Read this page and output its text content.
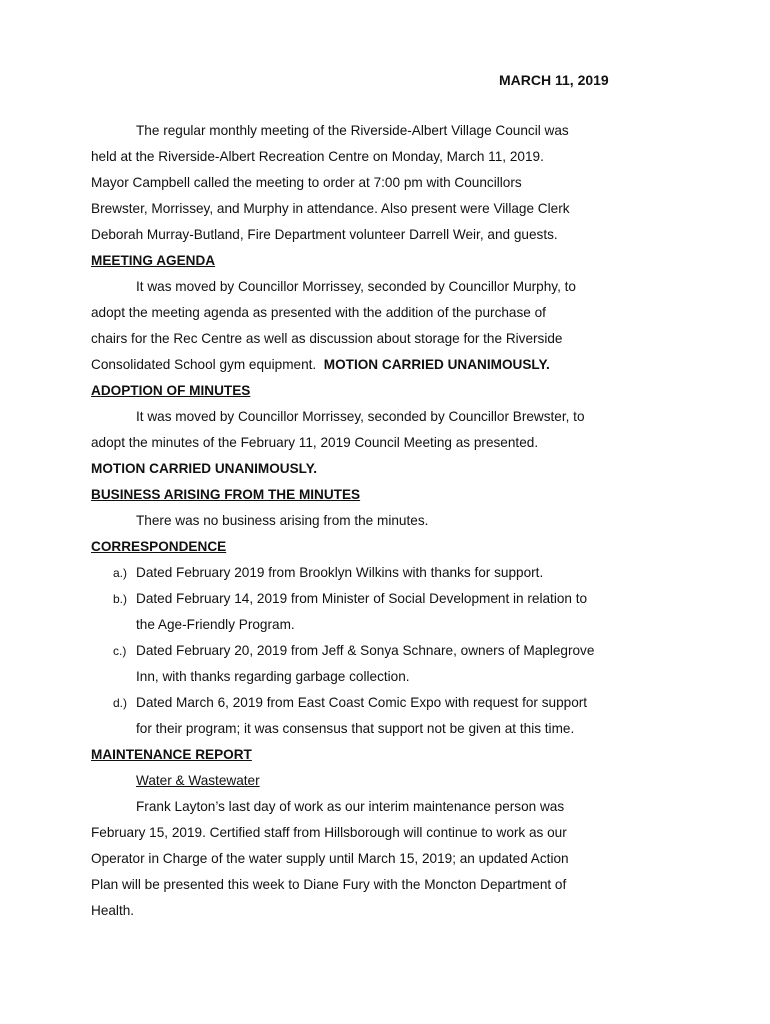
MARCH 11, 2019

The regular monthly meeting of the Riverside-Albert Village Council was

held at the Riverside-Albert Recreation Centre on Monday, March 11, 2019.

Mayor Campbell called the meeting to order at 7:00 pm with Councillors

Brewster, Morrissey, and Murphy in attendance. Also present were Village Clerk

Deborah Murray-Butland, Fire Department volunteer Darrell Weir, and guests.

MEETING AGENDA

It was moved by Councillor Morrissey, seconded by Councillor Murphy, to

adopt the meeting agenda as presented with the addition of the purchase of

chairs for the Rec Centre as well as discussion about storage for the Riverside

Consolidated School gym equipment.  MOTION CARRIED UNANIMOUSLY.

ADOPTION OF MINUTES

It was moved by Councillor Morrissey, seconded by Councillor Brewster, to

adopt the minutes of the February 11, 2019 Council Meeting as presented.

MOTION CARRIED UNANIMOUSLY.

BUSINESS ARISING FROM THE MINUTES

There was no business arising from the minutes.

CORRESPONDENCE

a.) Dated February 2019 from Brooklyn Wilkins with thanks for support.

b.) Dated February 14, 2019 from Minister of Social Development in relation to

the Age-Friendly Program.

c.) Dated February 20, 2019 from Jeff & Sonya Schnare, owners of Maplegrove

Inn, with thanks regarding garbage collection.

d.) Dated March 6, 2019 from East Coast Comic Expo with request for support

for their program; it was consensus that support not be given at this time.

MAINTENANCE REPORT

Water & Wastewater

Frank Layton’s last day of work as our interim maintenance person was

February 15, 2019. Certified staff from Hillsborough will continue to work as our

Operator in Charge of the water supply until March 15, 2019; an updated Action

Plan will be presented this week to Diane Fury with the Moncton Department of

Health.
